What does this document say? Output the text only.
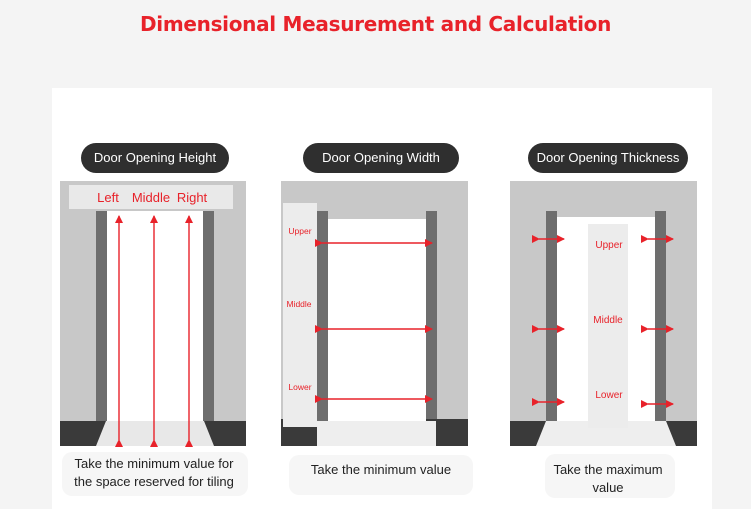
Dimensional Measurement and Calculation
Door Opening Height	Door Opening Width	Door Opening Thickness
Left Middle Right
Upper
Middle
Lower
Upper
Middle
Lower
Take the minimum value for
the space reserved for tiling
Take the minimum value	Take the maximum
value
